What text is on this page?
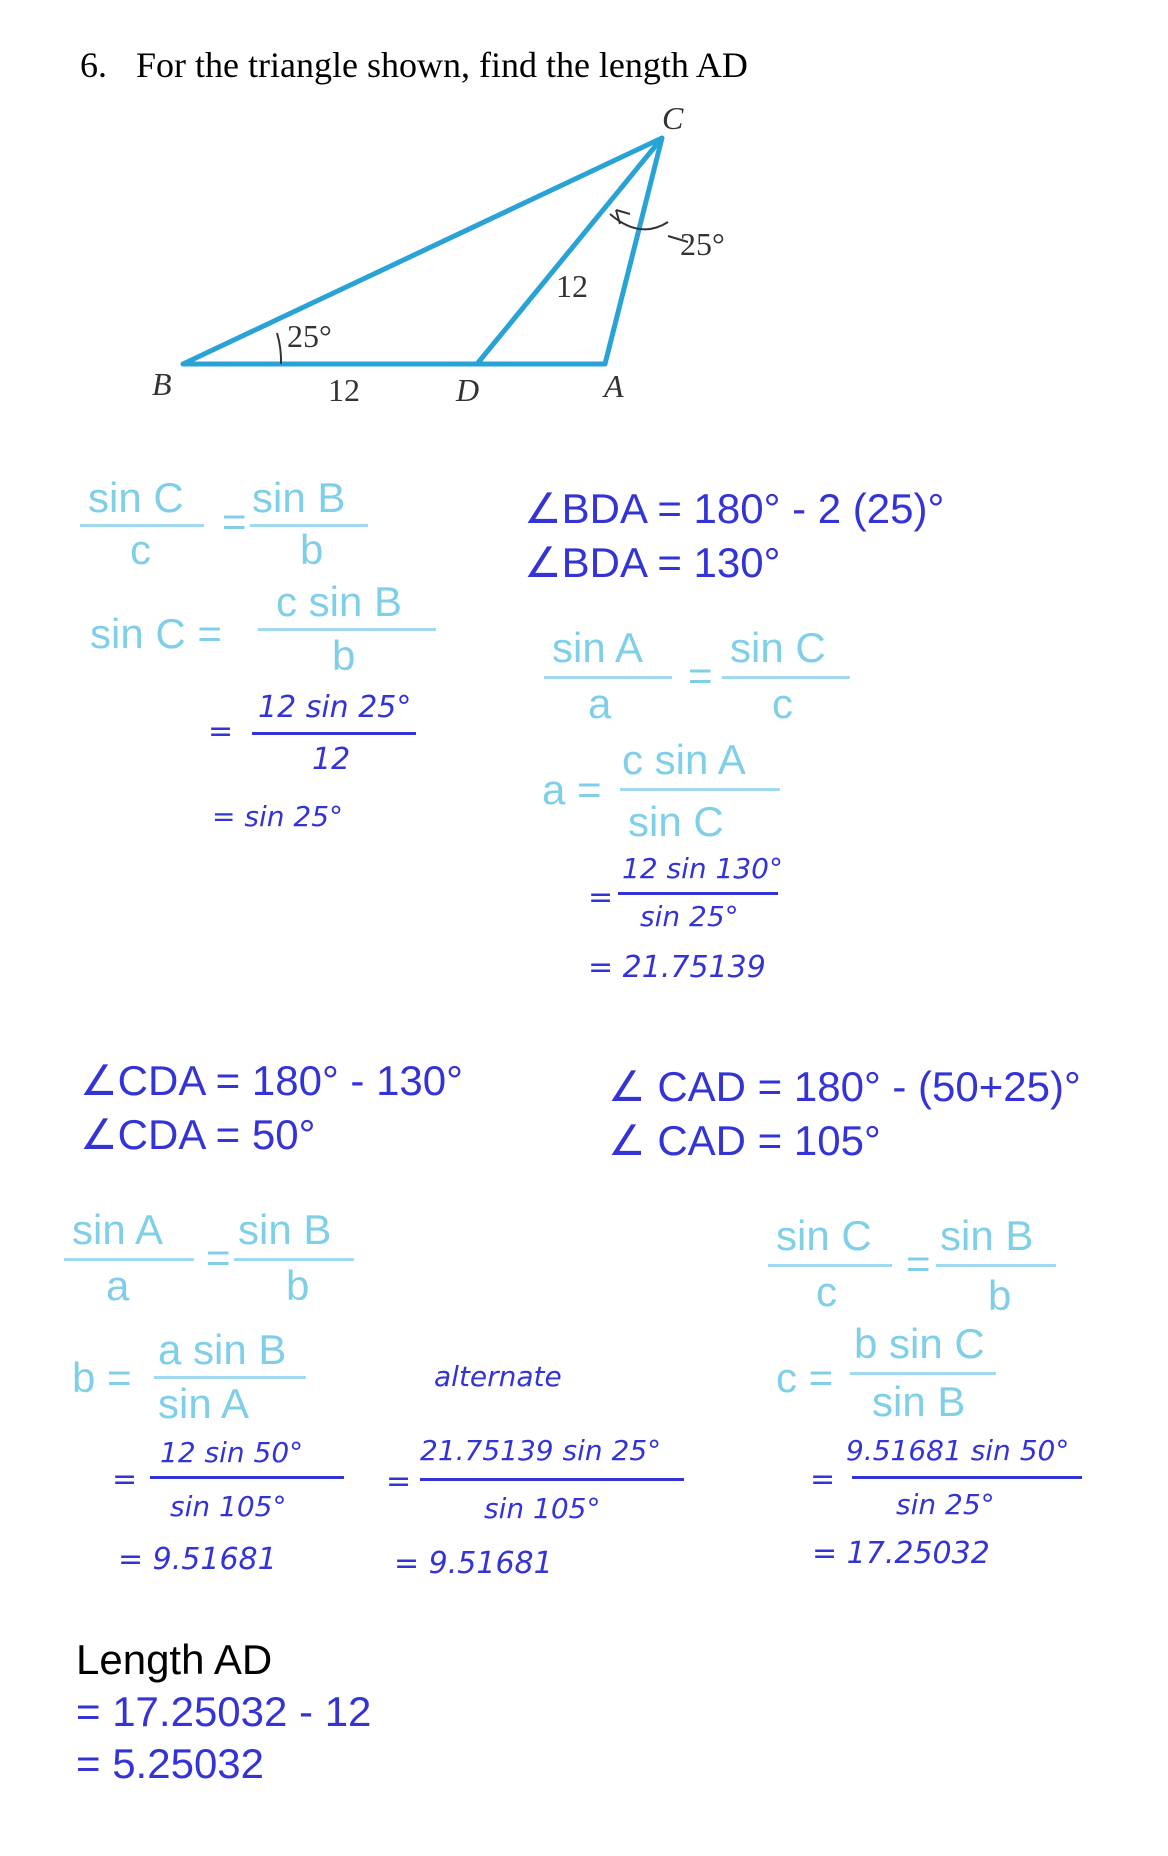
6. For the triangle shown, find the length AD
B	D	A
C
25°
25°
12
12
sin C
c
=
sin B
b
sin C =
c sin B
b
=
12 sin 25°
12
= sin 25°
∠BDA = 180° - 2 (25)°
∠BDA = 130°
sin A
a
=
sin C
c
a =
c sin A
sin C
=
12 sin 130°
sin 25°
= 21.75139
∠CDA = 180° - 130°
∠CDA = 50°
∠ CAD = 180° - (50+25)°
∠ CAD = 105°
sin A
a
=
sin B
b
b =
a sin B
sin A
=
12 sin 50°
sin 105°
= 9.51681
alternate
=
21.75139 sin 25°
sin 105°
= 9.51681
sin C
c
=
sin B
b
c =
b sin C
sin B
=
9.51681 sin 50°
sin 25°
= 17.25032
Length AD
= 17.25032 - 12
= 5.25032
